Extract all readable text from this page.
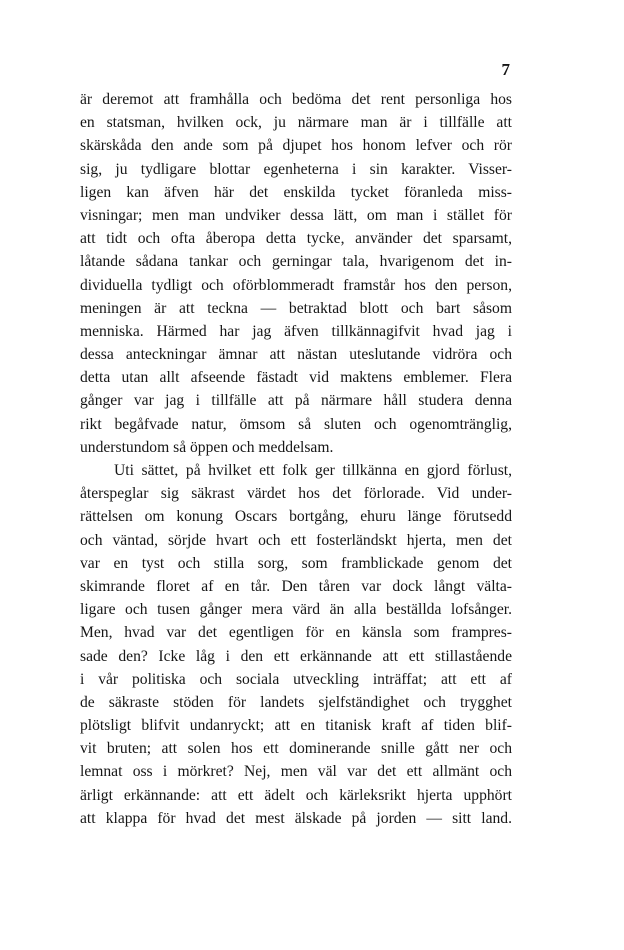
7
är deremot att framhålla och bedöma det rent personliga hos
en statsman, hvilken ock, ju närmare man är i tillfälle att
skärskåda den ande som på djupet hos honom lefver och rör
sig, ju tydligare blottar egenheterna i sin karakter. Visser-
ligen kan äfven här det enskilda tycket föranleda miss-
visningar; men man undviker dessa lätt, om man i stället för
att tidt och ofta åberopa detta tycke, använder det sparsamt,
låtande sådana tankar och gerningar tala, hvarigenom det in-
dividuella tydligt och oförblommeradt framstår hos den person,
meningen är att teckna — betraktad blott och bart såsom
menniska. Härmed har jag äfven tillkännagifvit hvad jag i
dessa anteckningar ämnar att nästan uteslutande vidröra och
detta utan allt afseende fästadt vid maktens emblemer. Flera
gånger var jag i tillfälle att på närmare håll studera denna
rikt begåfvade natur, ömsom så sluten och ogenomtränglig,
understundom så öppen och meddelsam.
Uti sättet, på hvilket ett folk ger tillkänna en gjord förlust,
återspeglar sig säkrast värdet hos det förlorade. Vid under-
rättelsen om konung Oscars bortgång, ehuru länge förutsedd
och väntad, sörjde hvart och ett fosterländskt hjerta, men det
var en tyst och stilla sorg, som framblickade genom det
skimrande floret af en tår. Den tåren var dock långt välta-
ligare och tusen gånger mera värd än alla beställda lofsånger.
Men, hvad var det egentligen för en känsla som frampres-
sade den? Icke låg i den ett erkännande att ett stillastående
i vår politiska och sociala utveckling inträffat; att ett af
de säkraste stöden för landets sjelfständighet och trygghet
plötsligt blifvit undanryckt; att en titanisk kraft af tiden blif-
vit bruten; att solen hos ett dominerande snille gått ner och
lemnat oss i mörkret? Nej, men väl var det ett allmänt och
ärligt erkännande: att ett ädelt och kärleksrikt hjerta upphört
att klappa för hvad det mest älskade på jorden — sitt land.
